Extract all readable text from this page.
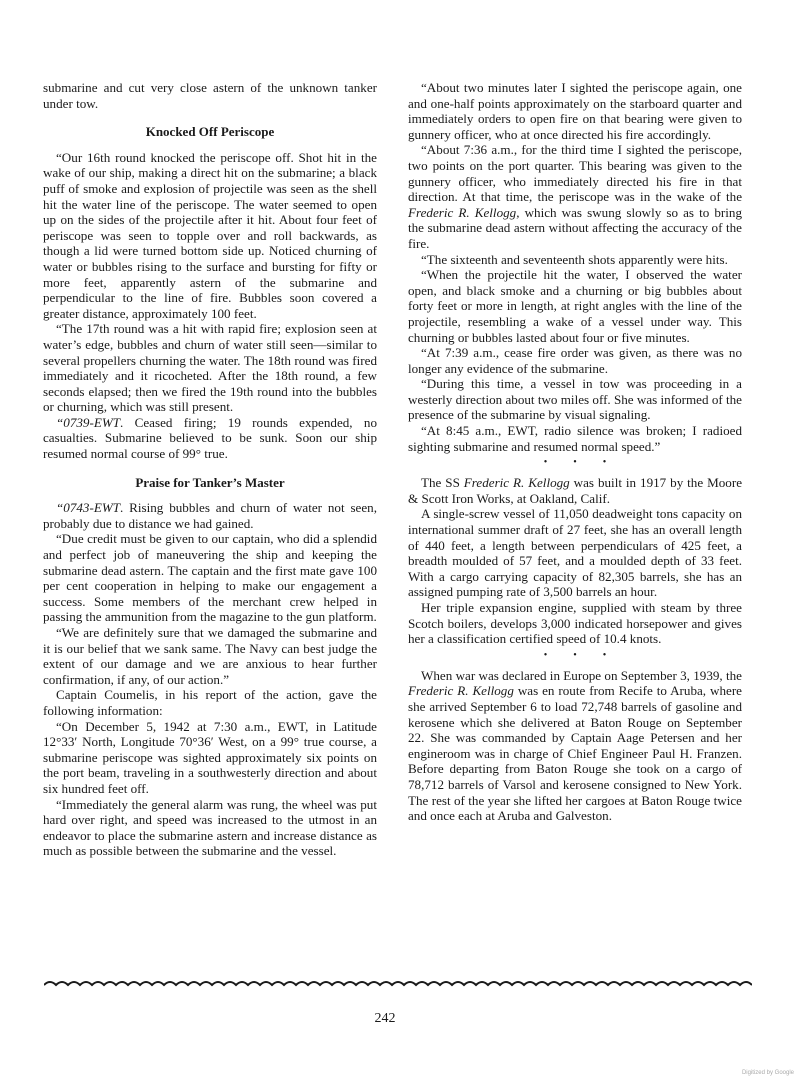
submarine and cut very close astern of the unknown tanker under tow.

Knocked Off Periscope

“Our 16th round knocked the periscope off. Shot hit in the wake of our ship, making a direct hit on the submarine; a black puff of smoke and explosion of projectile was seen as the shell hit the water line of the periscope. The water seemed to open up on the sides of the projectile after it hit. About four feet of periscope was seen to topple over and roll backwards, as though a lid were turned bottom side up. Noticed churning of water or bubbles rising to the surface and bursting for fifty or more feet, apparently astern of the submarine and perpendicular to the line of fire. Bubbles soon covered a greater distance, approximately 100 feet.

“The 17th round was a hit with rapid fire; explosion seen at water’s edge, bubbles and churn of water still seen—similar to several propellers churning the water. The 18th round was fired immediately and it ricocheted. After the 18th round, a few seconds elapsed; then we fired the 19th round into the bubbles or churning, which was still present.

“0739-EWT. Ceased firing; 19 rounds expended, no casualties. Submarine believed to be sunk. Soon our ship resumed normal course of 99° true.

Praise for Tanker’s Master

“0743-EWT. Rising bubbles and churn of water not seen, probably due to distance we had gained.

“Due credit must be given to our captain, who did a splendid and perfect job of maneuvering the ship and keeping the submarine dead astern. The captain and the first mate gave 100 per cent cooperation in helping to make our engagement a success. Some members of the merchant crew helped in passing the ammunition from the magazine to the gun platform.

“We are definitely sure that we damaged the submarine and it is our belief that we sank same. The Navy can best judge the extent of our damage and we are anxious to hear further confirmation, if any, of our action.”

Captain Coumelis, in his report of the action, gave the following information:

“On December 5, 1942 at 7:30 a.m., EWT, in Latitude 12°33′ North, Longitude 70°36′ West, on a 99° true course, a submarine periscope was sighted approximately six points on the port beam, traveling in a southwesterly direction and about six hundred feet off.

“Immediately the general alarm was rung, the wheel was put hard over right, and speed was increased to the utmost in an endeavor to place the submarine astern and increase distance as much as possible between the submarine and the vessel.

“About two minutes later I sighted the periscope again, one and one-half points approximately on the starboard quarter and immediately orders to open fire on that bearing were given to gunnery officer, who at once directed his fire accordingly.

“About 7:36 a.m., for the third time I sighted the periscope, two points on the port quarter. This bearing was given to the gunnery officer, who immediately directed his fire in that direction. At that time, the periscope was in the wake of the Frederic R. Kellogg, which was swung slowly so as to bring the submarine dead astern without affecting the accuracy of the fire.

“The sixteenth and seventeenth shots apparently were hits.

“When the projectile hit the water, I observed the water open, and black smoke and a churning or big bubbles about forty feet or more in length, at right angles with the line of the projectile, resembling a wake of a vessel under way. This churning or bubbles lasted about four or five minutes.

“At 7:39 a.m., cease fire order was given, as there was no longer any evidence of the submarine.

“During this time, a vessel in tow was proceeding in a westerly direction about two miles off. She was informed of the presence of the submarine by visual signaling.

“At 8:45 a.m., EWT, radio silence was broken; I radioed sighting submarine and resumed normal speed.”

•••

The SS Frederic R. Kellogg was built in 1917 by the Moore & Scott Iron Works, at Oakland, Calif.

A single-screw vessel of 11,050 deadweight tons capacity on international summer draft of 27 feet, she has an overall length of 440 feet, a length between perpendiculars of 425 feet, a breadth moulded of 57 feet, and a moulded depth of 33 feet. With a cargo carrying capacity of 82,305 barrels, she has an assigned pumping rate of 3,500 barrels an hour.

Her triple expansion engine, supplied with steam by three Scotch boilers, develops 3,000 indicated horsepower and gives her a classification certified speed of 10.4 knots.

•••

When war was declared in Europe on September 3, 1939, the Frederic R. Kellogg was en route from Recife to Aruba, where she arrived September 6 to load 72,748 barrels of gasoline and kerosene which she delivered at Baton Rouge on September 22. She was commanded by Captain Aage Petersen and her engineroom was in charge of Chief Engineer Paul H. Franzen. Before departing from Baton Rouge she took on a cargo of 78,712 barrels of Varsol and kerosene consigned to New York. The rest of the year she lifted her cargoes at Baton Rouge twice and once each at Aruba and Galveston.

242
Digitized by Google
